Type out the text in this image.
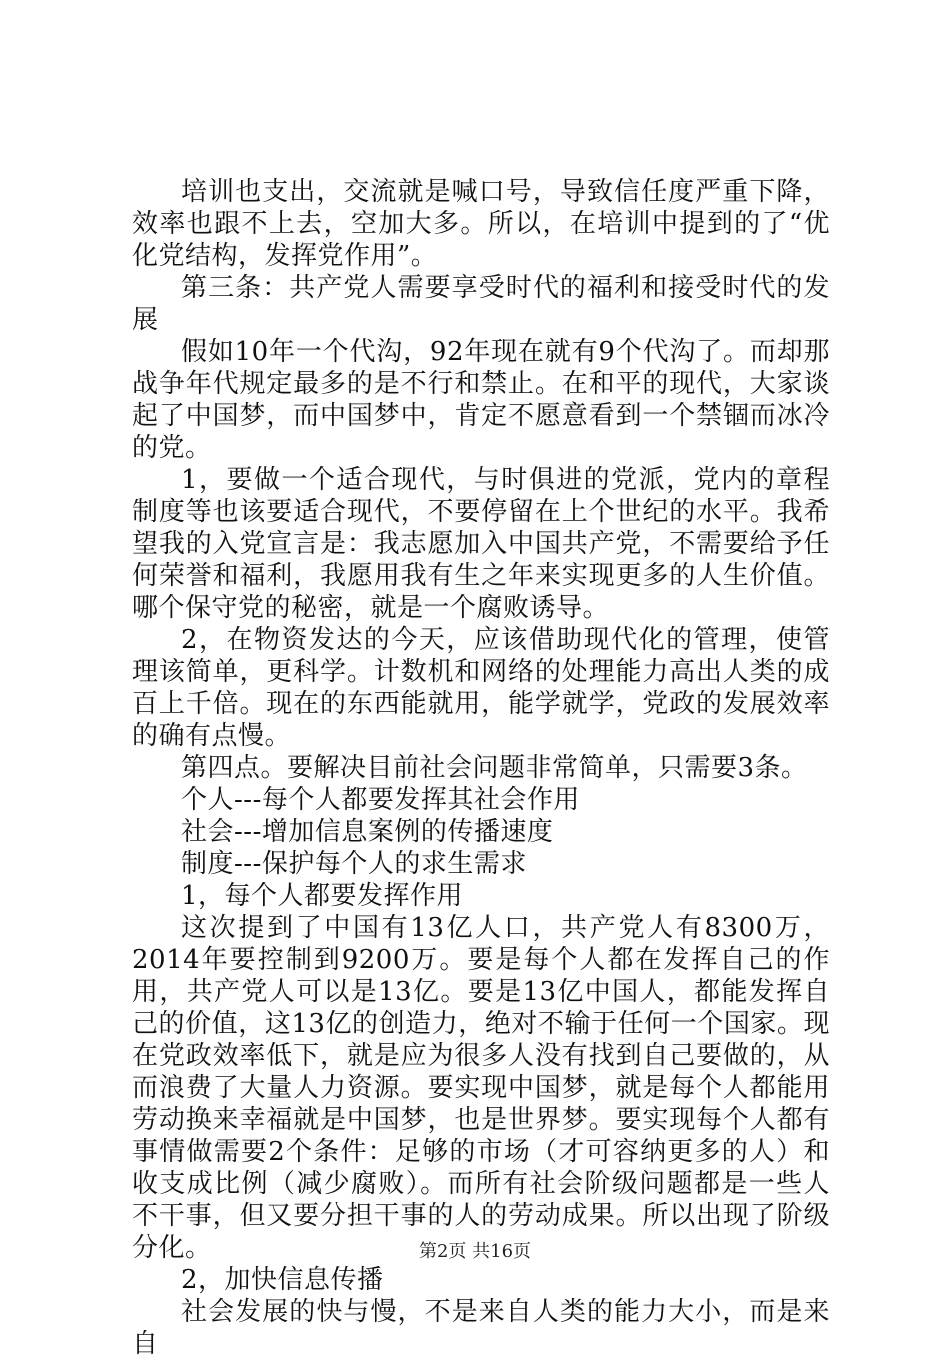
培训也支出，交流就是喊口号，导致信任度严重下降，效率也跟不上去，空加大多。所以，在培训中提到的了“优化党结构，发挥党作用”。

第三条：共产党人需要享受时代的福利和接受时代的发展

假如10年一个代沟，92年现在就有9个代沟了。而却那战争年代规定最多的是不行和禁止。在和平的现代，大家谈起了中国梦，而中国梦中，肯定不愿意看到一个禁锢而冰冷的党。

1，要做一个适合现代，与时俱进的党派，党内的章程制度等也该要适合现代，不要停留在上个世纪的水平。我希望我的入党宣言是：我志愿加入中国共产党，不需要给予任何荣誉和福利，我愿用我有生之年来实现更多的人生价值。哪个保守党的秘密，就是一个腐败诱导。

2，在物资发达的今天，应该借助现代化的管理，使管理该简单，更科学。计数机和网络的处理能力高出人类的成百上千倍。现在的东西能就用，能学就学，党政的发展效率的确有点慢。

第四点。要解决目前社会问题非常简单，只需要3条。

个人---每个人都要发挥其社会作用

社会---增加信息案例的传播速度

制度---保护每个人的求生需求

1，每个人都要发挥作用

这次提到了中国有13亿人口，共产党人有8300万，2014年要控制到9200万。要是每个人都在发挥自己的作用，共产党人可以是13亿。要是13亿中国人，都能发挥自己的价值，这13亿的创造力，绝对不输于任何一个国家。现在党政效率低下，就是应为很多人没有找到自己要做的，从而浪费了大量人力资源。要实现中国梦，就是每个人都能用劳动换来幸福就是中国梦，也是世界梦。要实现每个人都有事情做需要2个条件：足够的市场（才可容纳更多的人）和收支成比例（减少腐败）。而所有社会阶级问题都是一些人不干事，但又要分担干事的人的劳动成果。所以出现了阶级分化。

2，加快信息传播

社会发展的快与慢，不是来自人类的能力大小，而是来自

第2页 共16页
